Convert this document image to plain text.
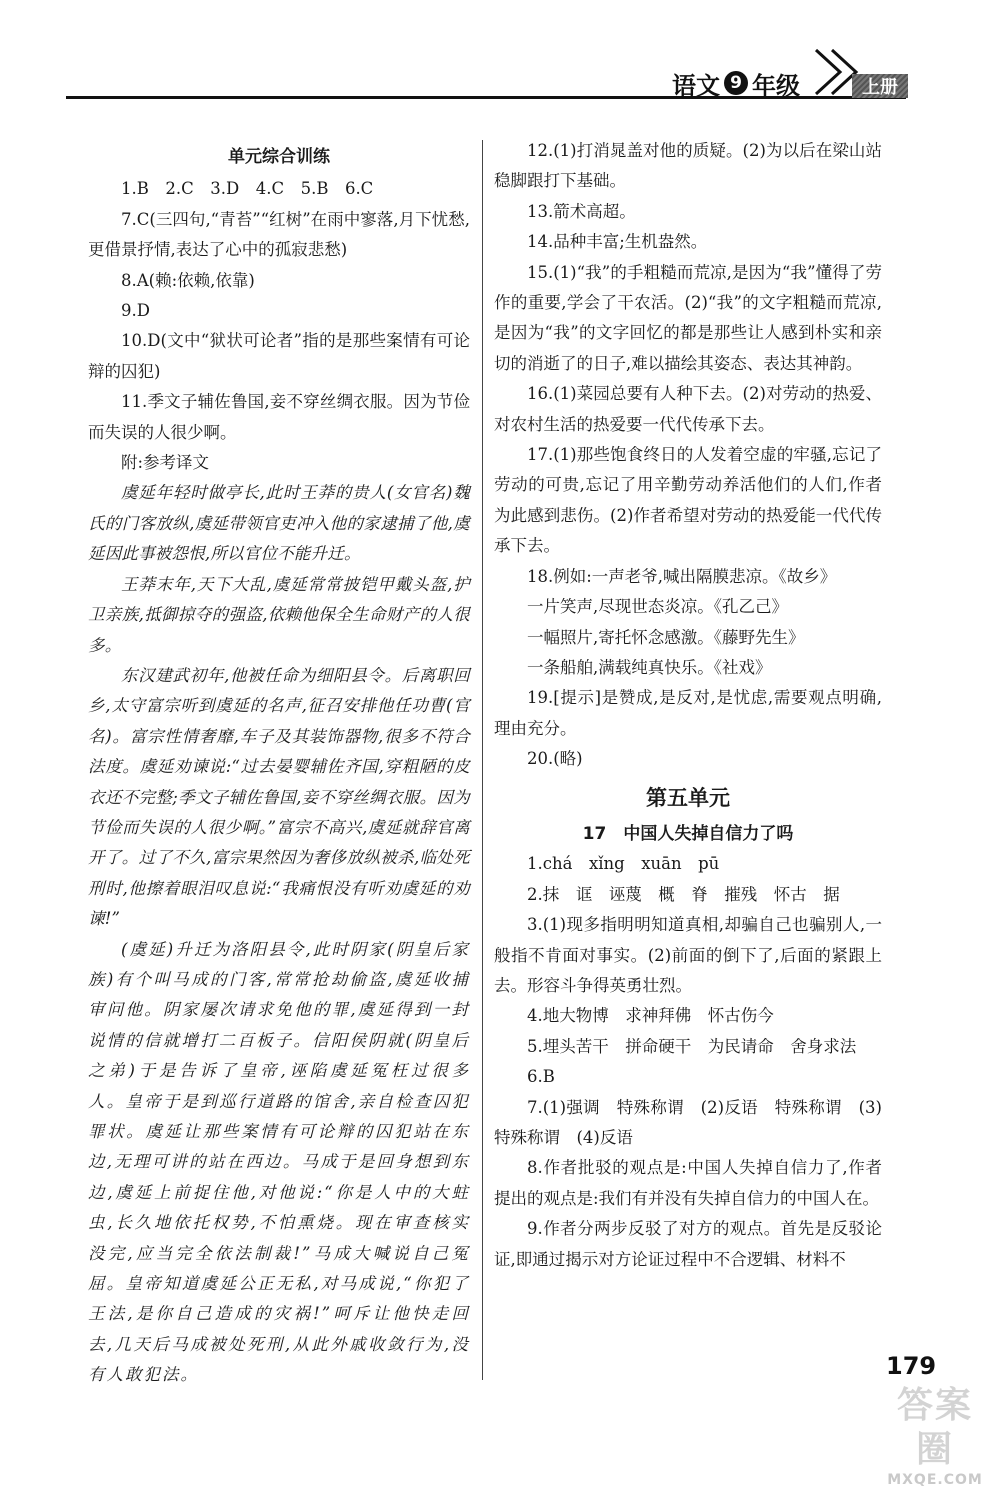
语文 9 年级	上册

单元综合训练

1.B　2.C　3.D　4.C　5.B　6.C

7.C(三四句,“青苔”“红树”在雨中寥落,月下忧愁,更借景抒情,表达了心中的孤寂悲愁)

8.A(赖:依赖,依靠)

9.D

10.D(文中“狱状可论者”指的是那些案情有可论辩的囚犯)

11.季文子辅佐鲁国,妾不穿丝绸衣服。因为节俭而失误的人很少啊。

附:参考译文

虞延年轻时做亭长,此时王莽的贵人(女官名)魏氏的门客放纵,虞延带领官吏冲入他的家逮捕了他,虞延因此事被怨恨,所以官位不能升迁。

王莽末年,天下大乱,虞延常常披铠甲戴头盔,护卫亲族,抵御掠夺的强盗,依赖他保全生命财产的人很多。

东汉建武初年,他被任命为细阳县令。后离职回乡,太守富宗听到虞延的名声,征召安排他任功曹(官名)。富宗性情奢靡,车子及其装饰器物,很多不符合法度。虞延劝谏说:“过去晏婴辅佐齐国,穿粗陋的皮衣还不完整;季文子辅佐鲁国,妾不穿丝绸衣服。因为节俭而失误的人很少啊。”富宗不高兴,虞延就辞官离开了。过了不久,富宗果然因为奢侈放纵被杀,临处死刑时,他擦着眼泪叹息说:“我痛恨没有听劝虞延的劝谏!”

(虞延)升迁为洛阳县令,此时阴家(阴皇后家族)有个叫马成的门客,常常抢劫偷盗,虞延收捕审问他。阴家屡次请求免他的罪,虞延得到一封说情的信就增打二百板子。信阳侯阴就(阴皇后之弟)于是告诉了皇帝,诬陷虞延冤枉过很多人。皇帝于是到巡行道路的馆舍,亲自检查囚犯罪状。虞延让那些案情有可论辩的囚犯站在东边,无理可讲的站在西边。马成于是回身想到东边,虞延上前捉住他,对他说:“你是人中的大蛀虫,长久地依托权势,不怕熏烧。现在审查核实没完,应当完全依法制裁!”马成大喊说自己冤屈。皇帝知道虞延公正无私,对马成说,“你犯了王法,是你自己造成的灾祸!”呵斥让他快走回去,几天后马成被处死刑,从此外戚收敛行为,没有人敢犯法。

12.(1)打消晁盖对他的质疑。(2)为以后在梁山站稳脚跟打下基础。

13.箭术高超。

14.品种丰富;生机盎然。

15.(1)“我”的手粗糙而荒凉,是因为“我”懂得了劳作的重要,学会了干农活。(2)“我”的文字粗糙而荒凉,是因为“我”的文字回忆的都是那些让人感到朴实和亲切的消逝了的日子,难以描绘其姿态、表达其神韵。

16.(1)菜园总要有人种下去。(2)对劳动的热爱、对农村生活的热爱要一代代传承下去。

17.(1)那些饱食终日的人发着空虚的牢骚,忘记了劳动的可贵,忘记了用辛勤劳动养活他们的人们,作者为此感到悲伤。(2)作者希望对劳动的热爱能一代代传承下去。

18.例如:一声老爷,喊出隔膜悲凉。《故乡》

一片笑声,尽现世态炎凉。《孔乙己》

一幅照片,寄托怀念感激。《藤野先生》

一条船舶,满载纯真快乐。《社戏》

19.[提示]是赞成,是反对,是忧虑,需要观点明确,理由充分。

20.(略)

第五单元

17　中国人失掉自信力了吗

1.chá　xǐng　xuān　pū

2.抹　诓　诬蔑　概　脊　摧残　怀古　据

3.(1)现多指明明知道真相,却骗自己也骗别人,一般指不肯面对事实。(2)前面的倒下了,后面的紧跟上去。形容斗争得英勇壮烈。

4.地大物博　求神拜佛　怀古伤今

5.埋头苦干　拼命硬干　为民请命　舍身求法

6.B

7.(1)强调　特殊称谓　(2)反语　特殊称谓　(3)特殊称谓　(4)反语

8.作者批驳的观点是:中国人失掉自信力了,作者提出的观点是:我们有并没有失掉自信力的中国人在。

9.作者分两步反驳了对方的观点。首先是反驳论证,即通过揭示对方论证过程中不合逻辑、材料不

179
答案圈
MXQE.COM
